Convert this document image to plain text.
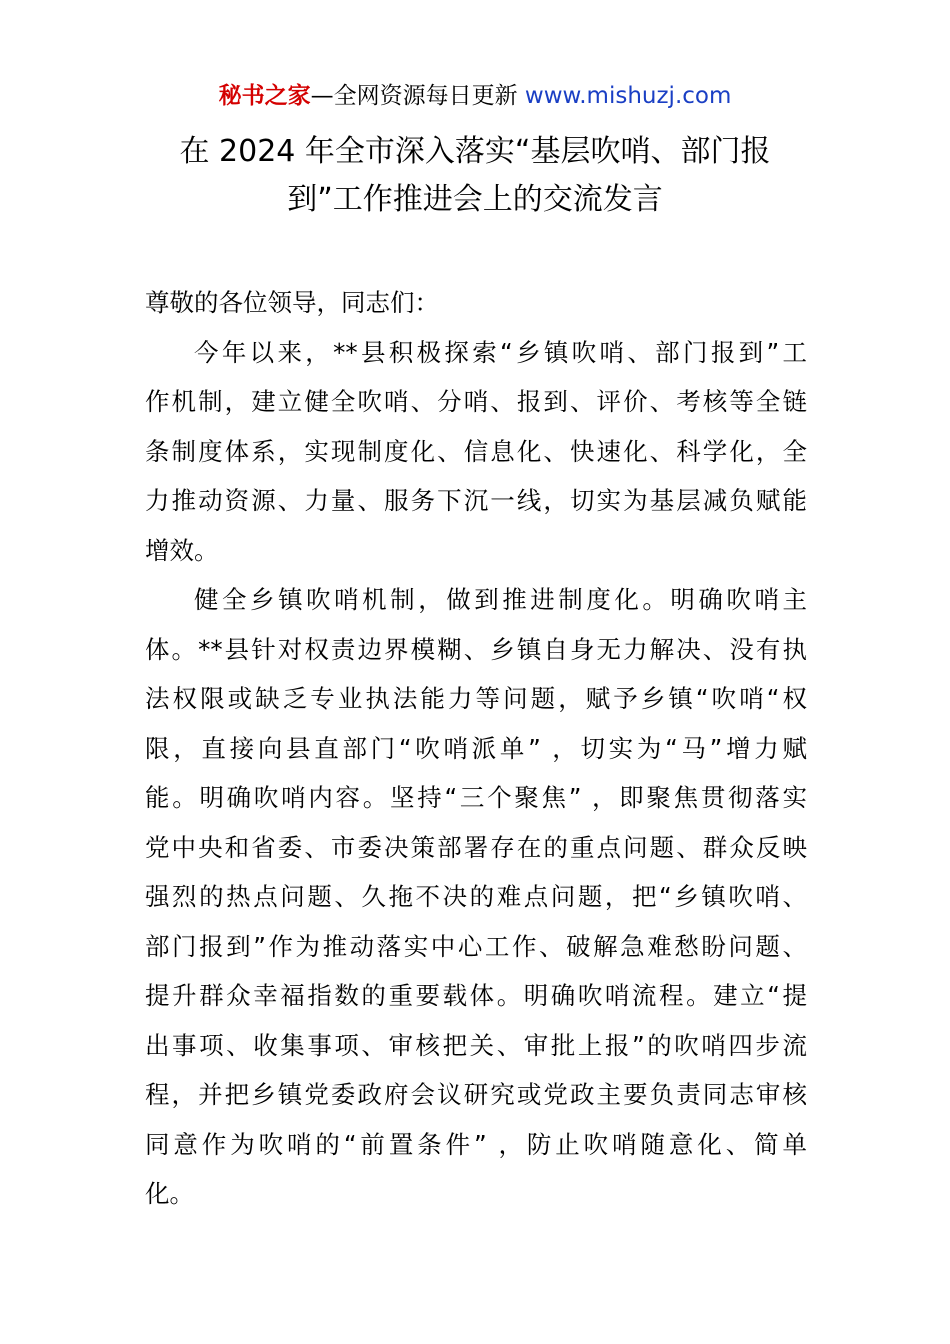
秘书之家—全网资源每日更新 www.mishuzj.com
在 2024 年全市深入落实“基层吹哨、部门报
到”工作推进会上的交流发言
尊敬的各位领导，同志们：
今年以来，**县积极探索“乡镇吹哨、部门报到”工
作机制，建立健全吹哨、分哨、报到、评价、考核等全链
条制度体系，实现制度化、信息化、快速化、科学化，全
力推动资源、力量、服务下沉一线，切实为基层减负赋能
增效。
健全乡镇吹哨机制，做到推进制度化。明确吹哨主
体。**县针对权责边界模糊、乡镇自身无力解决、没有执
法权限或缺乏专业执法能力等问题，赋予乡镇“吹哨“权
限，直接向县直部门“吹哨派单” ，切实为“马”增力赋
能。明确吹哨内容。坚持“三个聚焦” ，即聚焦贯彻落实
党中央和省委、市委决策部署存在的重点问题、群众反映
强烈的热点问题、久拖不决的难点问题，把“乡镇吹哨、
部门报到”作为推动落实中心工作、破解急难愁盼问题、
提升群众幸福指数的重要载体。明确吹哨流程。建立“提
出事项、收集事项、审核把关、审批上报”的吹哨四步流
程，并把乡镇党委政府会议研究或党政主要负责同志审核
同意作为吹哨的“前置条件” ，防止吹哨随意化、简单
化。
